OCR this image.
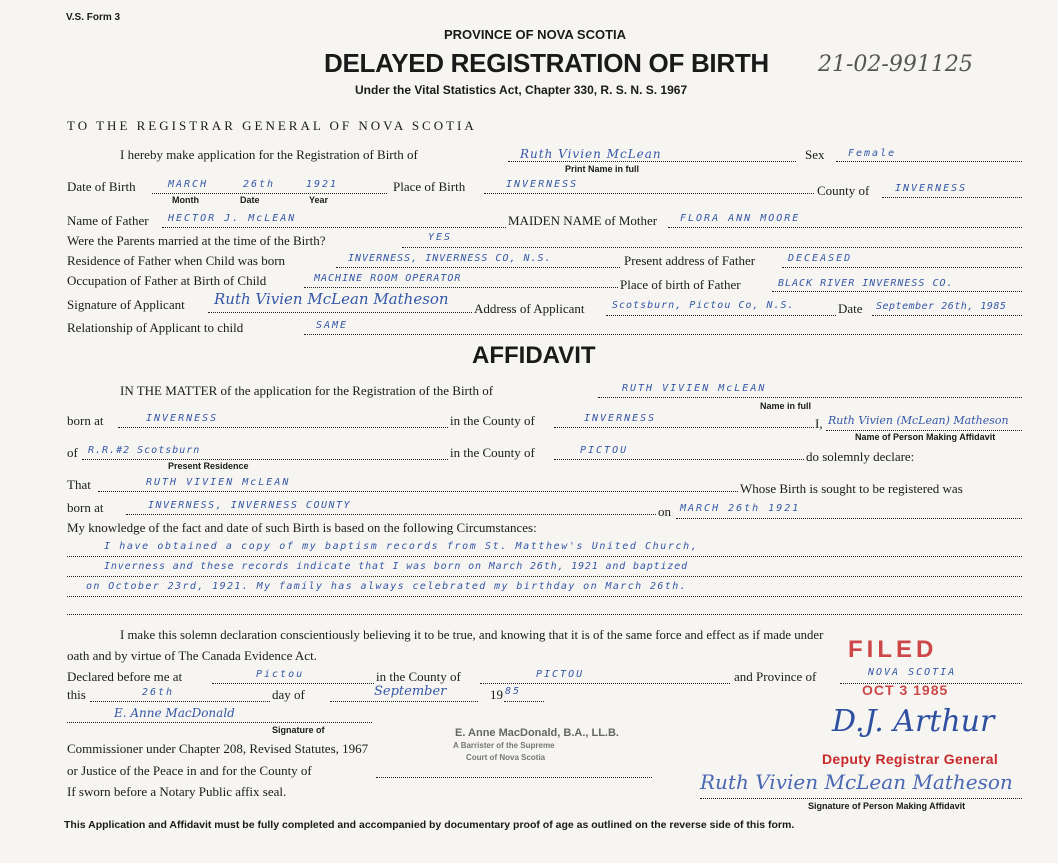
V.S. Form 3
PROVINCE OF NOVA SCOTIA
DELAYED REGISTRATION OF BIRTH 21-02-991125
Under the Vital Statistics Act, Chapter 330, R. S. N. S. 1967
TO THE REGISTRAR GENERAL OF NOVA SCOTIA
I hereby make application for the Registration of Birth of	Ruth Vivien McLean	Sex Female
Print Name in full
Date of Birth	MARCH	26th	1921	Place of Birth	INVERNESS	County of	INVERNESS
Month	Date	Year
Name of Father HECTOR J. McLEAN	MAIDEN NAME of Mother FLORA ANN MOORE
Were the Parents married at the time of the Birth?	YES
Residence of Father when Child was born	INVERNESS, INVERNESS CO, N.S.	Present address of Father	DECEASED
Occupation of Father at Birth of Child	MACHINE ROOM OPERATOR	Place of birth of Father	BLACK RIVER INVERNESS CO.
Signature of Applicant Ruth Vivien McLean Matheson
Address of Applicant	Scotsburn, Pictou Co, N.S.	Date September 26th, 1985
Relationship of Applicant to child	SAME
AFFIDAVIT
IN THE MATTER of the application for the Registration of the Birth of	RUTH VIVIEN McLEAN
Name in full
born at	INVERNESS	in the County of	INVERNESS	I, Ruth Vivien (McLean) Matheson
Name of Person Making Affidavit
of R.R.#2 Scotsburn	in the County of	PICTOU	do solemnly declare:
Present Residence
That	RUTH VIVIEN McLEAN	Whose Birth is sought to be registered was
born at	INVERNESS, INVERNESS COUNTY	on MARCH 26th 1921
My knowledge of the fact and date of such Birth is based on the following Circumstances:
I have obtained a copy of my baptism records from St. Matthew's United Church,
Inverness and these records indicate that I was born on March 26th, 1921 and baptized
on October 23rd, 1921. My family has always celebrated my birthday on March 26th.
I make this solemn declaration conscientiously believing it to be true, and knowing that it is of the same force and effect as if made under
oath and by virtue of The Canada Evidence Act.
Declared before me at	Pictou	in the County of	PICTOU	and Province of	NOVA SCOTIA
this	26th	day of	September	19 85
E. Anne MacDonald
Signature of
Commissioner under Chapter 208, Revised Statutes, 1967
or Justice of the Peace in and for the County of
If sworn before a Notary Public affix seal.
E. Anne MacDonald, B.A., LL.B.
A Barrister of the Supreme
Court of Nova Scotia
FILED
OCT 3 1985
D.J. Arthur
Deputy Registrar General
Ruth Vivien McLean Matheson
Signature of Person Making Affidavit
This Application and Affidavit must be fully completed and accompanied by documentary proof of age as outlined on the reverse side of this form.
